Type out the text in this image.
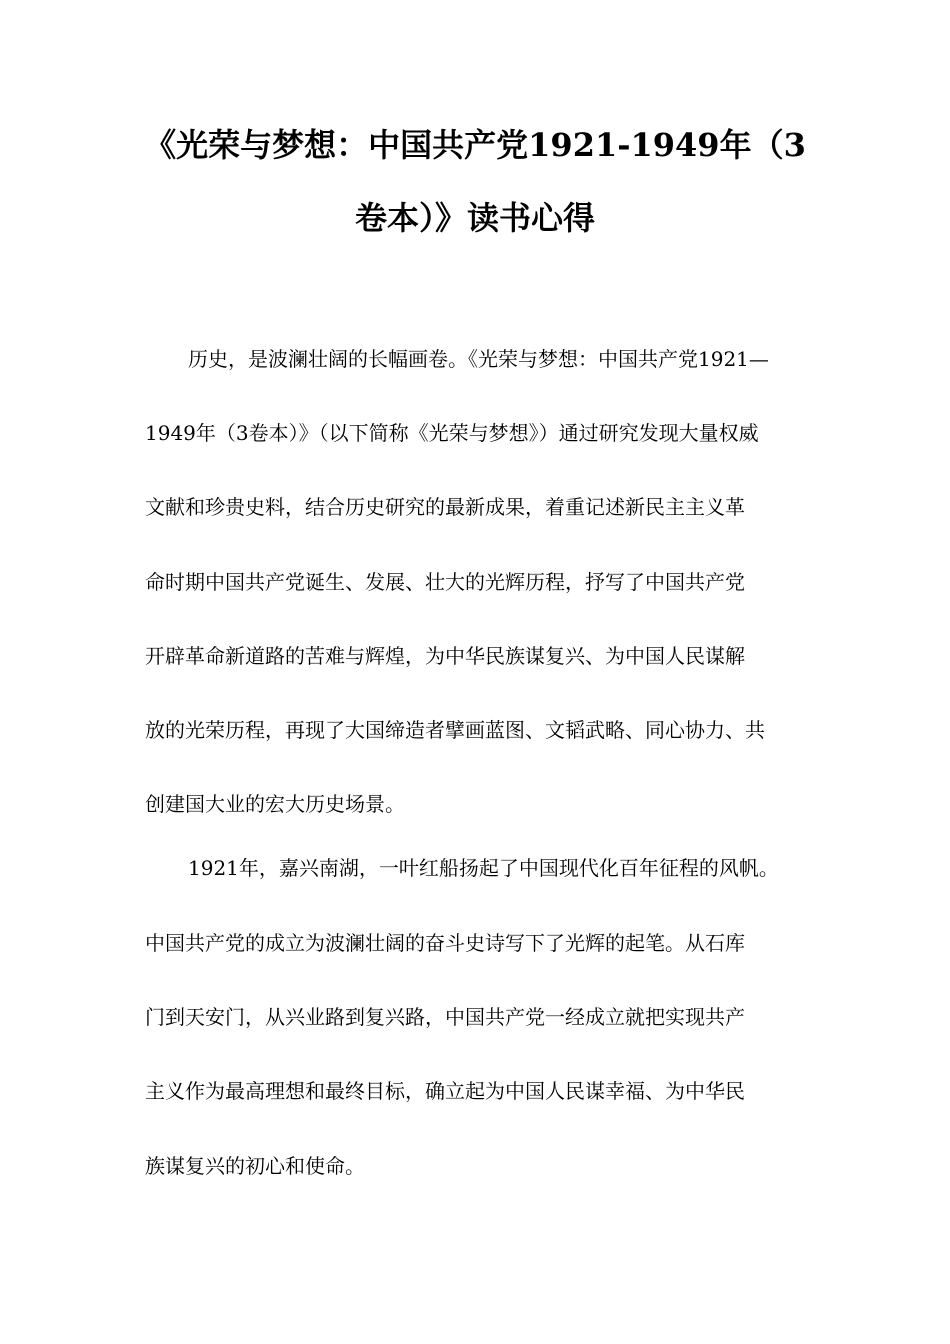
《光荣与梦想：中国共产党1921-1949年（3
卷本）》读书心得
历史，是波澜壮阔的长幅画卷。《光荣与梦想：中国共产党1921—
1949年（3卷本）》（以下简称《光荣与梦想》）通过研究发现大量权威
文献和珍贵史料，结合历史研究的最新成果，着重记述新民主主义革
命时期中国共产党诞生、发展、壮大的光辉历程，抒写了中国共产党
开辟革命新道路的苦难与辉煌，为中华民族谋复兴、为中国人民谋解
放的光荣历程，再现了大国缔造者擘画蓝图、文韬武略、同心协力、共
创建国大业的宏大历史场景。
1921年，嘉兴南湖，一叶红船扬起了中国现代化百年征程的风帆。
中国共产党的成立为波澜壮阔的奋斗史诗写下了光辉的起笔。从石库
门到天安门，从兴业路到复兴路，中国共产党一经成立就把实现共产
主义作为最高理想和最终目标，确立起为中国人民谋幸福、为中华民
族谋复兴的初心和使命。
